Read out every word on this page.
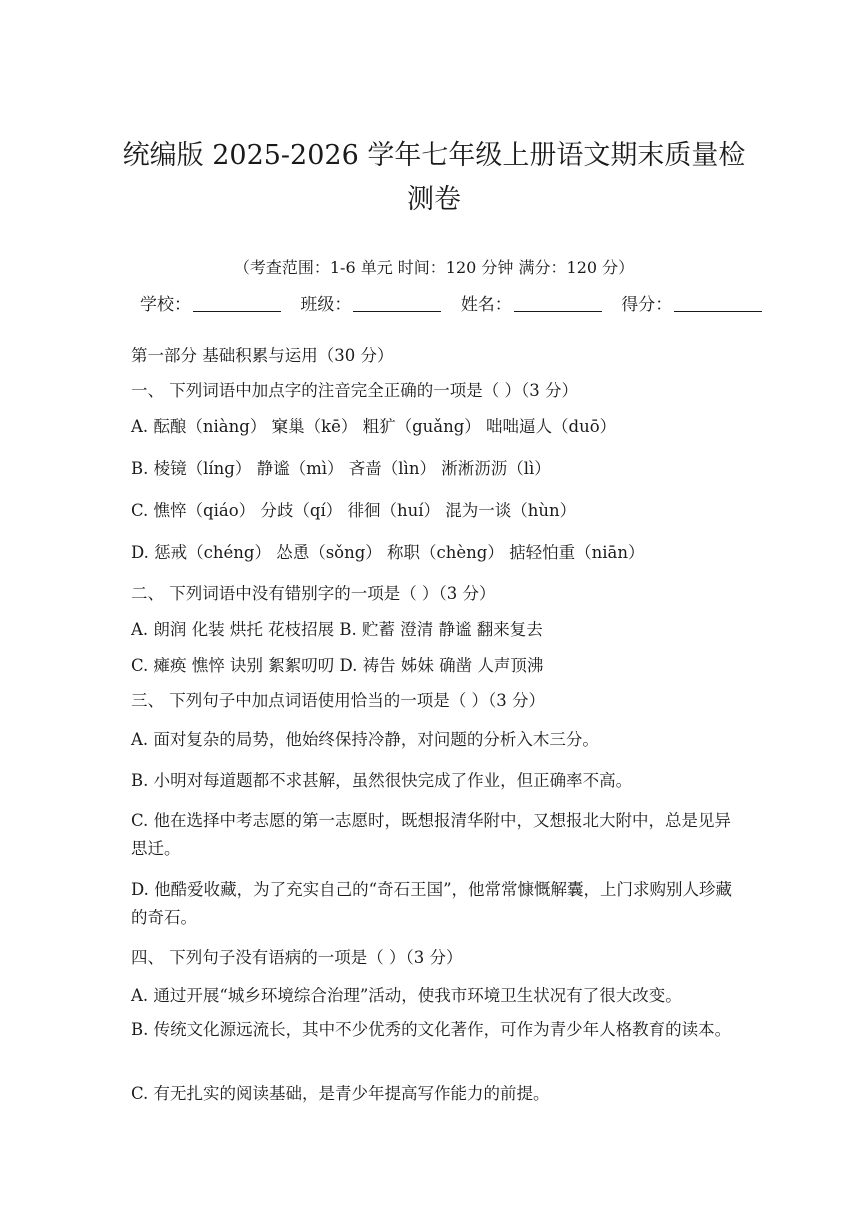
统编版 2025-2026 学年七年级上册语文期末质量检
测卷
（考查范围：1-6 单元 时间：120 分钟 满分：120 分）
学校：	班级：	姓名：	得分：
第一部分 基础积累与运用（30 分）
一、 下列词语中加点字的注音完全正确的一项是（ ）（3 分）
A. 酝酿（niàng） 窠巢（kē） 粗犷（guǎng） 咄咄逼人（duō）
B. 棱镜（línɡ） 静谧（mì） 吝啬（lìn） 淅淅沥沥（lì）
C. 憔悴（qiáo） 分歧（qí） 徘徊（huí） 混为一谈（hùn）
D. 惩戒（chéng） 怂恿（sǒng） 称职（chèng） 掂轻怕重（niān）
二、 下列词语中没有错别字的一项是（ ）（3 分）
A. 朗润 化装 烘托 花枝招展 B. 贮蓄 澄清 静谧 翻来复去
C. 瘫痪 憔悴 诀别 絮絮叨叨 D. 祷告 姊妹 确凿 人声顶沸
三、 下列句子中加点词语使用恰当的一项是（ ）（3 分）
A. 面对复杂的局势，他始终保持冷静，对问题的分析入木三分。
B. 小明对每道题都不求甚解，虽然很快完成了作业，但正确率不高。
C. 他在选择中考志愿的第一志愿时，既想报清华附中，又想报北大附中，总是见异思迁。
D. 他酷爱收藏，为了充实自己的“奇石王国”，他常常慷慨解囊，上门求购别人珍藏的奇石。
四、 下列句子没有语病的一项是（ ）（3 分）
A. 通过开展“城乡环境综合治理”活动，使我市环境卫生状况有了很大改变。
B. 传统文化源远流长，其中不少优秀的文化著作，可作为青少年人格教育的读本。
C. 有无扎实的阅读基础，是青少年提高写作能力的前提。
